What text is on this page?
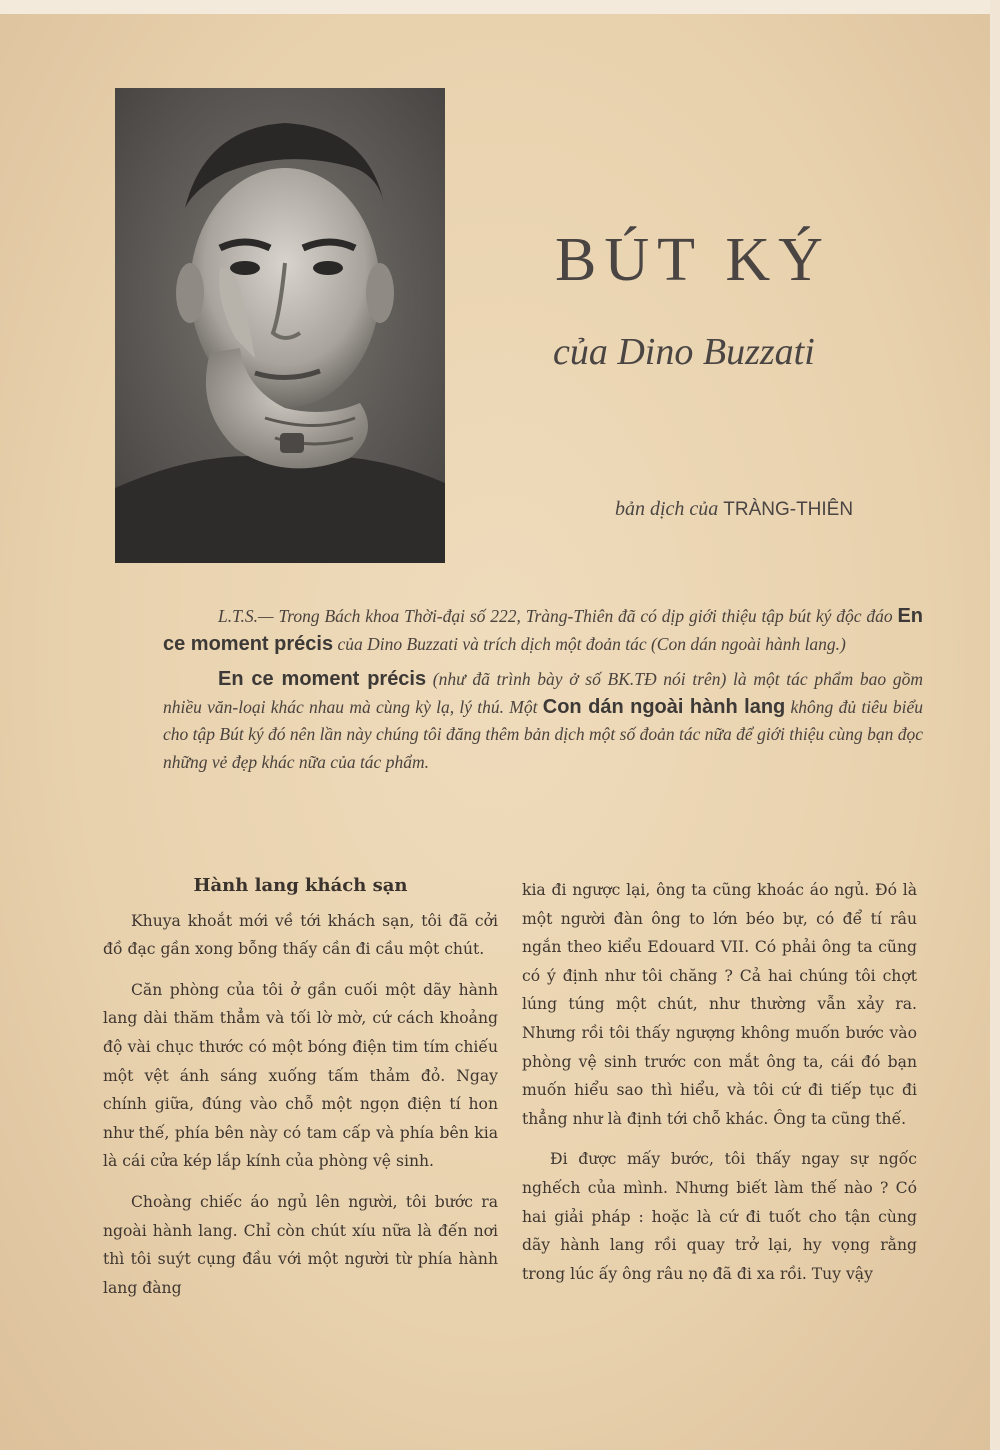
BÚT KÝ
của Dino Buzzati
bản dịch của TRÀNG-THIÊN

L.T.S.— Trong Bách khoa Thời-đại số 222, Tràng-Thiên đã có dịp giới thiệu tập bút ký độc đáo En ce moment précis của Dino Buzzati và trích dịch một đoản tác (Con dán ngoài hành lang.)

En ce moment précis (như đã trình bày ở số BK.TĐ nói trên) là một tác phẩm bao gồm nhiều văn-loại khác nhau mà cùng kỳ lạ, lý thú. Một Con dán ngoài hành lang không đủ tiêu biểu cho tập Bút ký đó nên lần này chúng tôi đăng thêm bản dịch một số đoản tác nữa để giới thiệu cùng bạn đọc những vẻ đẹp khác nữa của tác phẩm.

Hành lang khách sạn

Khuya khoắt mới về tới khách sạn, tôi đã cởi đồ đạc gần xong bỗng thấy cần đi cầu một chút.

Căn phòng của tôi ở gần cuối một dãy hành lang dài thăm thẳm và tối lờ mờ, cứ cách khoảng độ vài chục thước có một bóng điện tim tím chiếu một vệt ánh sáng xuống tấm thảm đỏ. Ngay chính giữa, đúng vào chỗ một ngọn điện tí hon như thế, phía bên này có tam cấp và phía bên kia là cái cửa kép lắp kính của phòng vệ sinh.

Choàng chiếc áo ngủ lên người, tôi bước ra ngoài hành lang. Chỉ còn chút xíu nữa là đến nơi thì tôi suýt cụng đầu với một người từ phía hành lang đàng

kia đi ngược lại, ông ta cũng khoác áo ngủ. Đó là một người đàn ông to lớn béo bự, có để tí râu ngắn theo kiểu Edouard VII. Có phải ông ta cũng có ý định như tôi chăng ? Cả hai chúng tôi chợt lúng túng một chút, như thường vẫn xảy ra. Nhưng rồi tôi thấy ngượng không muốn bước vào phòng vệ sinh trước con mắt ông ta, cái đó bạn muốn hiểu sao thì hiểu, và tôi cứ đi tiếp tục đi thẳng như là định tới chỗ khác. Ông ta cũng thế.

Đi được mấy bước, tôi thấy ngay sự ngốc nghếch của mình. Nhưng biết làm thế nào ? Có hai giải pháp : hoặc là cứ đi tuốt cho tận cùng dãy hành lang rồi quay trở lại, hy vọng rằng trong lúc ấy ông râu nọ đã đi xa rồi. Tuy vậy
